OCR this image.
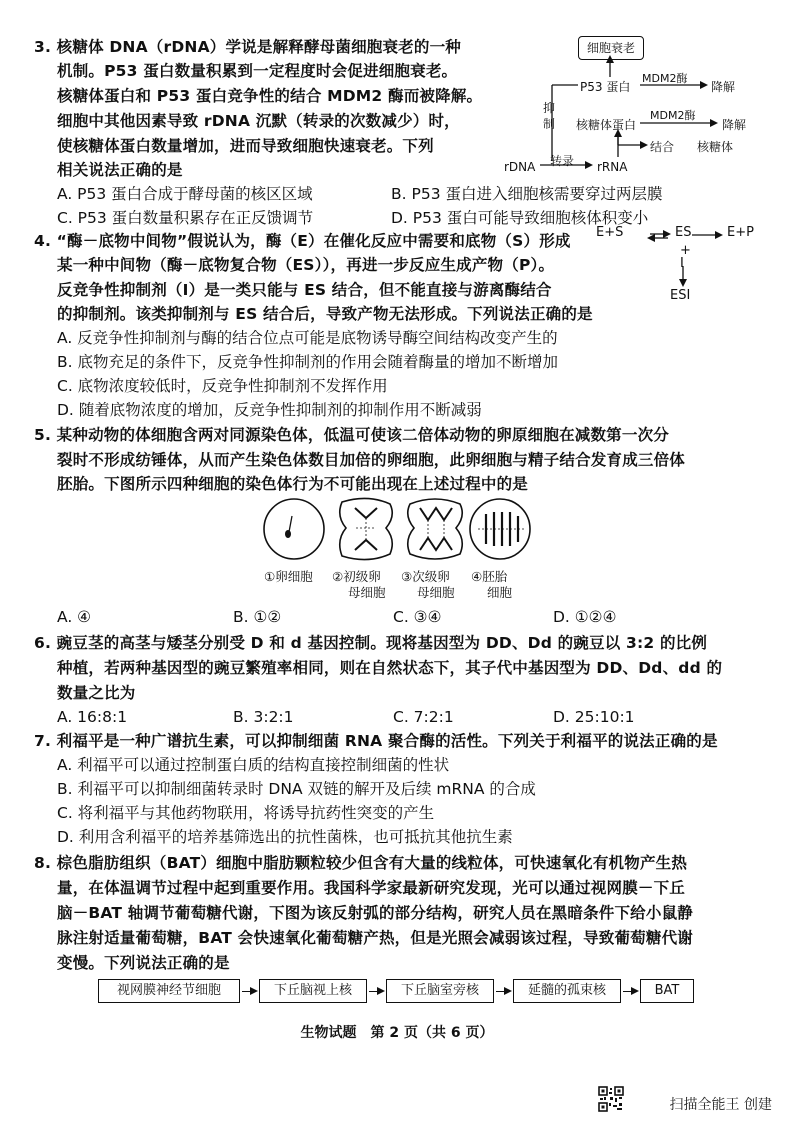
3. 核糖体 DNA（rDNA）学说是解释酵母菌细胞衰老的一种
机制。P53 蛋白数量积累到一定程度时会促进细胞衰老。
核糖体蛋白和 P53 蛋白竞争性的结合 MDM2 酶而被降解。
细胞中其他因素导致 rDNA 沉默（转录的次数减少）时，
使核糖体蛋白数量增加，进而导致细胞快速衰老。下列
相关说法正确的是
A. P53 蛋白合成于酵母菌的核区区域	B. P53 蛋白进入细胞核需要穿过两层膜
C. P53 蛋白数量积累存在正反馈调节	D. P53 蛋白可能导致细胞核体积变小
细胞衰老
P53 蛋白
MDM2酶
降解
抑制 核糖体蛋白
MDM2酶
降解
结合 核糖体
转录
rDNA	rRNA
4. “酶－底物中间物”假说认为，酶（E）在催化反应中需要和底物（S）形成
某一种中间物（酶－底物复合物（ES）），再进一步反应生成产物（P）。
反竞争性抑制剂（I）是一类只能与 ES 结合，但不能直接与游离酶结合
的抑制剂。该类抑制剂与 ES 结合后，导致产物无法形成。下列说法正确的是
A. 反竞争性抑制剂与酶的结合位点可能是底物诱导酶空间结构改变产生的
B. 底物充足的条件下，反竞争性抑制剂的作用会随着酶量的增加不断增加
C. 底物浓度较低时，反竞争性抑制剂不发挥作用
D. 随着底物浓度的增加，反竞争性抑制剂的抑制作用不断减弱
E+S	ES	E+P
+
I
ESI
5. 某种动物的体细胞含两对同源染色体，低温可使该二倍体动物的卵原细胞在减数第一次分
裂时不形成纺锤体，从而产生染色体数目加倍的卵细胞，此卵细胞与精子结合发育成三倍体
胚胎。下图所示四种细胞的染色体行为不可能出现在上述过程中的是
①卵细胞 ②初级卵
母细胞
③次级卵
母细胞
④胚胎
细胞
A. ④	B. ①②	C. ③④	D. ①②④
6. 豌豆茎的高茎与矮茎分别受 D 和 d 基因控制。现将基因型为 DD、Dd 的豌豆以 3:2 的比例
种植，若两种基因型的豌豆繁殖率相同，则在自然状态下，其子代中基因型为 DD、Dd、dd 的
数量之比为
A. 16:8:1	B. 3:2:1	C. 7:2:1	D. 25:10:1
7. 利福平是一种广谱抗生素，可以抑制细菌 RNA 聚合酶的活性。下列关于利福平的说法正确的是
A. 利福平可以通过控制蛋白质的结构直接控制细菌的性状
B. 利福平可以抑制细菌转录时 DNA 双链的解开及后续 mRNA 的合成
C. 将利福平与其他药物联用，将诱导抗药性突变的产生
D. 利用含利福平的培养基筛选出的抗性菌株，也可抵抗其他抗生素
8. 棕色脂肪组织（BAT）细胞中脂肪颗粒较少但含有大量的线粒体，可快速氧化有机物产生热
量，在体温调节过程中起到重要作用。我国科学家最新研究发现，光可以通过视网膜－下丘
脑－BAT 轴调节葡萄糖代谢，下图为该反射弧的部分结构，研究人员在黑暗条件下给小鼠静
脉注射适量葡萄糖，BAT 会快速氧化葡萄糖产热，但是光照会减弱该过程，导致葡萄糖代谢
变慢。下列说法正确的是
视网膜神经节细胞	下丘脑视上核	下丘脑室旁核	延髓的孤束核	BAT
生物试题　第 2 页（共 6 页）
扫描全能王 创建
